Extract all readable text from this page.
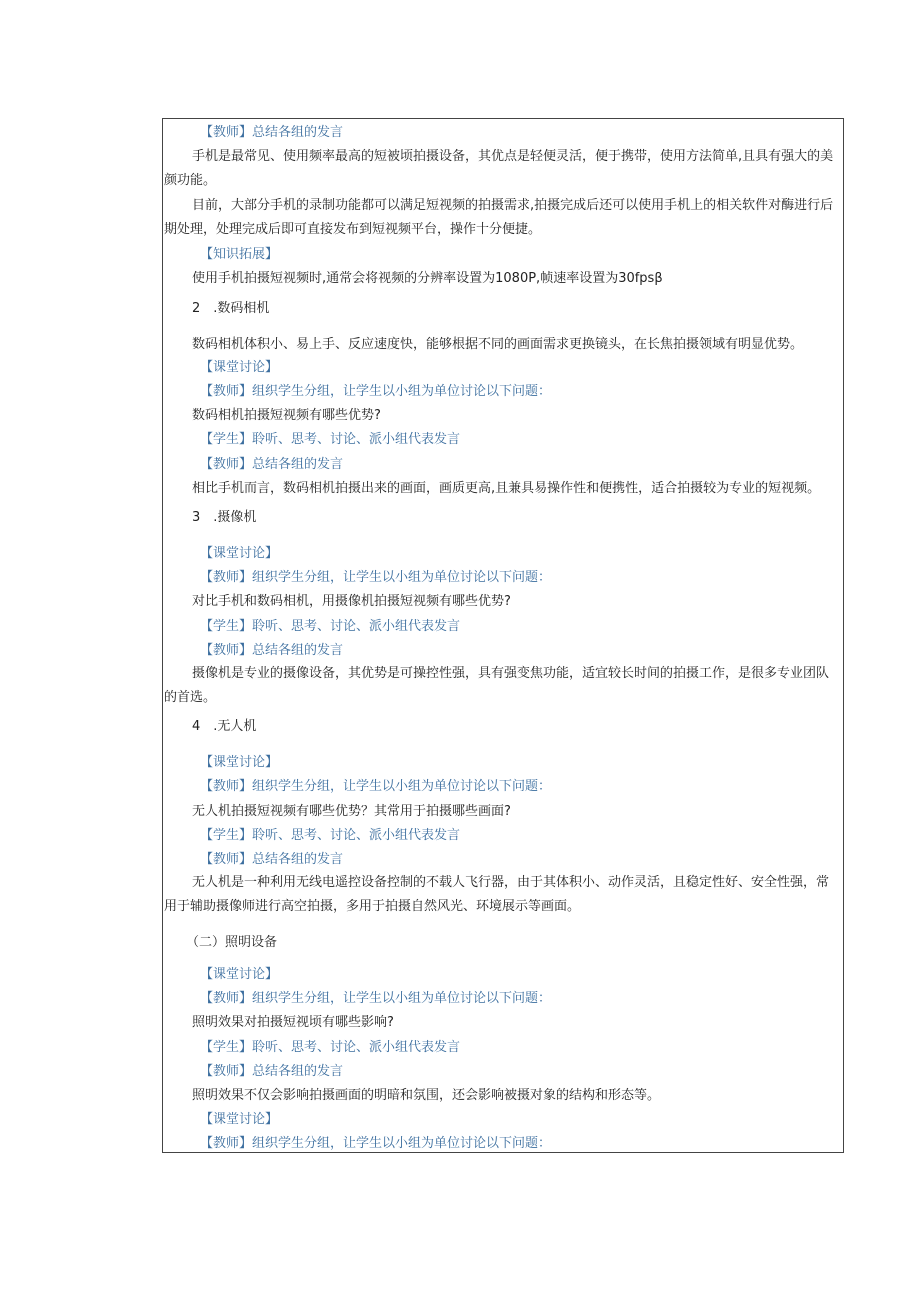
【教师】总结各组的发言
手机是最常见、使用频率最高的短被顷拍摄设备，其优点是轻便灵活，便于携带，使用方法简单,且具有强大的美颜功能。
目前，大部分手机的录制功能都可以满足短视频的拍摄需求,拍摄完成后还可以使用手机上的相关软件对酶进行后期处理，处理完成后即可直接发布到短视频平台，操作十分便捷。
【知识拓展】
使用手机拍摄短视频时,通常会将视频的分辨率设置为1080P,帧速率设置为30fpsβ
2　.数码相机
数码相机体积小、易上手、反应速度快，能够根据不同的画面需求更换镜头，在长焦拍摄领域有明显优势。
【课堂讨论】
【教师】组织学生分组，让学生以小组为单位讨论以下问题：
数码相机拍摄短视频有哪些优势?
【学生】聆听、思考、讨论、派小组代表发言
【教师】总结各组的发言
相比手机而言，数码相机拍摄出来的画面，画质更高,且兼具易操作性和便携性，适合拍摄较为专业的短视频。
3　.摄像机
【课堂讨论】
【教师】组织学生分组，让学生以小组为单位讨论以下问题：
对比手机和数码相机，用摄像机拍摄短视频有哪些优势?
【学生】聆听、思考、讨论、派小组代表发言
【教师】总结各组的发言
摄像机是专业的摄像设备，其优势是可操控性强，具有强变焦功能，适宜较长时间的拍摄工作，是很多专业团队的首选。
4　.无人机
【课堂讨论】
【教师】组织学生分组，让学生以小组为单位讨论以下问题：
无人机拍摄短视频有哪些优势？其常用于拍摄哪些画面?
【学生】聆听、思考、讨论、派小组代表发言
【教师】总结各组的发言
无人机是一种利用无线电遥控设备控制的不载人飞行器，由于其体积小、动作灵活，且稳定性好、安全性强，常用于辅助摄像师进行高空拍摄，多用于拍摄自然风光、环境展示等画面。
（二）照明设备
【课堂讨论】
【教师】组织学生分组，让学生以小组为单位讨论以下问题：
照明效果对拍摄短视顷有哪些影响?
【学生】聆听、思考、讨论、派小组代表发言
【教师】总结各组的发言
照明效果不仅会影响拍摄画面的明暗和氛围，还会影响被摄对象的结构和形态等。
【课堂讨论】
【教师】组织学生分组，让学生以小组为单位讨论以下问题：
